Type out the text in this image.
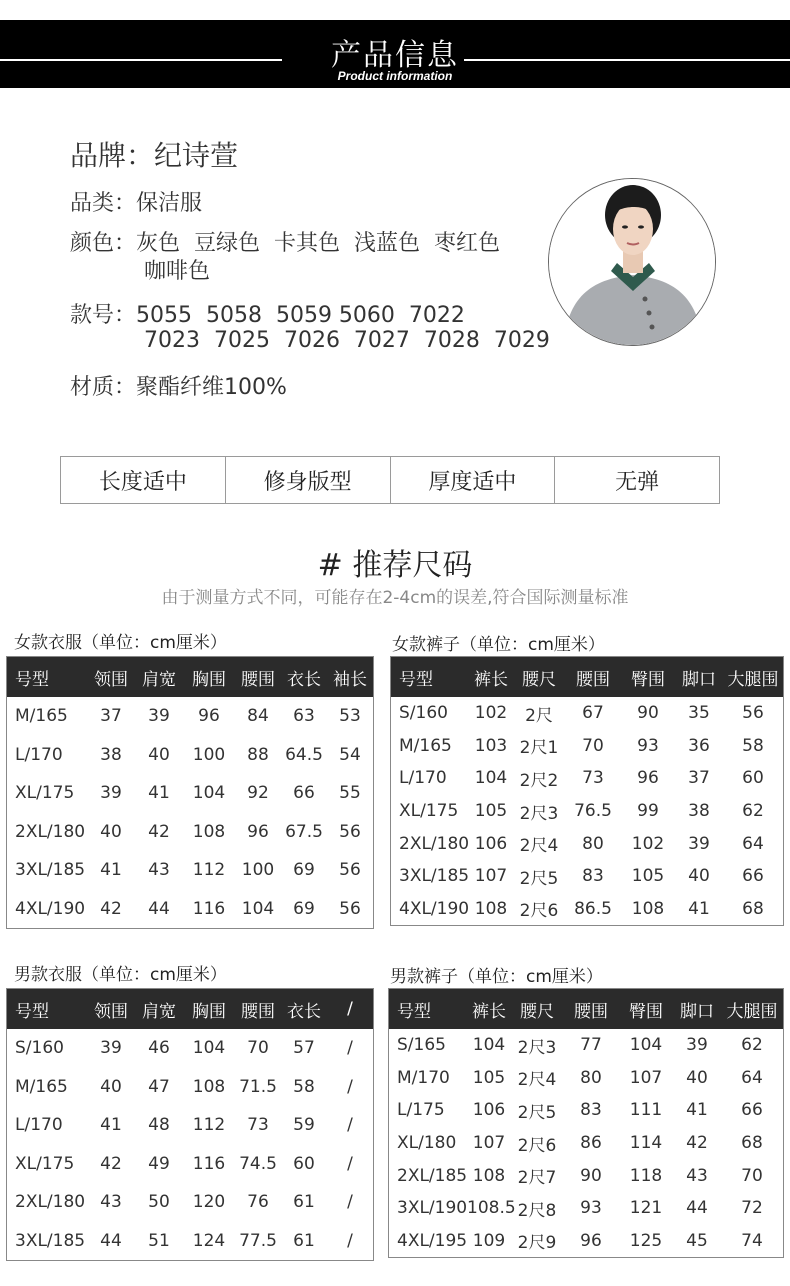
产品信息
Product information
品牌：纪诗萱
品类：保洁服
颜色：灰色  豆绿色  卡其色  浅蓝色  枣红色
咖啡色
款号：5055  5058  5059 5060  7022
7023  7025  7026  7027  7028  7029
材质：聚酯纤维100%
长度适中	修身版型	厚度适中	无弹
# 推荐尺码
由于测量方式不同，可能存在2-4cm的误差,符合国际测量标准
女款衣服（单位：cm厘米）
号型	领围 肩宽 胸围 腰围 衣长 袖长
M/165	37	39	96	84	63	53
L/170	38	40	100	88 64.5 54
XL/175	39	41	104	92	66	55
2XL/180 40	42	108	96 67.5 56
3XL/185 41	43	112 100	69	56
4XL/190 42	44	116 104	69	56
女款裤子（单位：cm厘米）
号型	裤长 腰尺	腰围	臀围	脚口 大腿围
S/160	102	2尺	67	90	35	56
M/165	103 2尺1	70	93	36	58
L/170	104 2尺2	73	96	37	60
XL/175 105 2尺3 76.5	99	38	62
2XL/180 106 2尺4	80	102	39	64
3XL/185 107 2尺5	83	105	40	66
4XL/190 108 2尺6 86.5	108	41	68
男款衣服（单位：cm厘米）
号型	领围 肩宽 胸围 腰围 衣长	/
S/160	39	46	104	70	57	/
M/165	40	47	108 71.5 58	/
L/170	41	48	112	73	59	/
XL/175	42	49	116 74.5 60	/
2XL/180 43	50	120	76	61	/
3XL/185 44	51	124 77.5 61	/
男款裤子（单位：cm厘米）
号型	裤长 腰尺	腰围	臀围	脚口 大腿围
S/165	104 2尺3	77	104	39	62
M/170	105 2尺4	80	107	40	64
L/175	106 2尺5	83	111	41	66
XL/180 107 2尺6	86	114	42	68
2XL/185 108 2尺7	90	118	43	70
3XL/190 108.5 2尺8	93	121	44	72
4XL/195 109 2尺9	96	125	45	74
